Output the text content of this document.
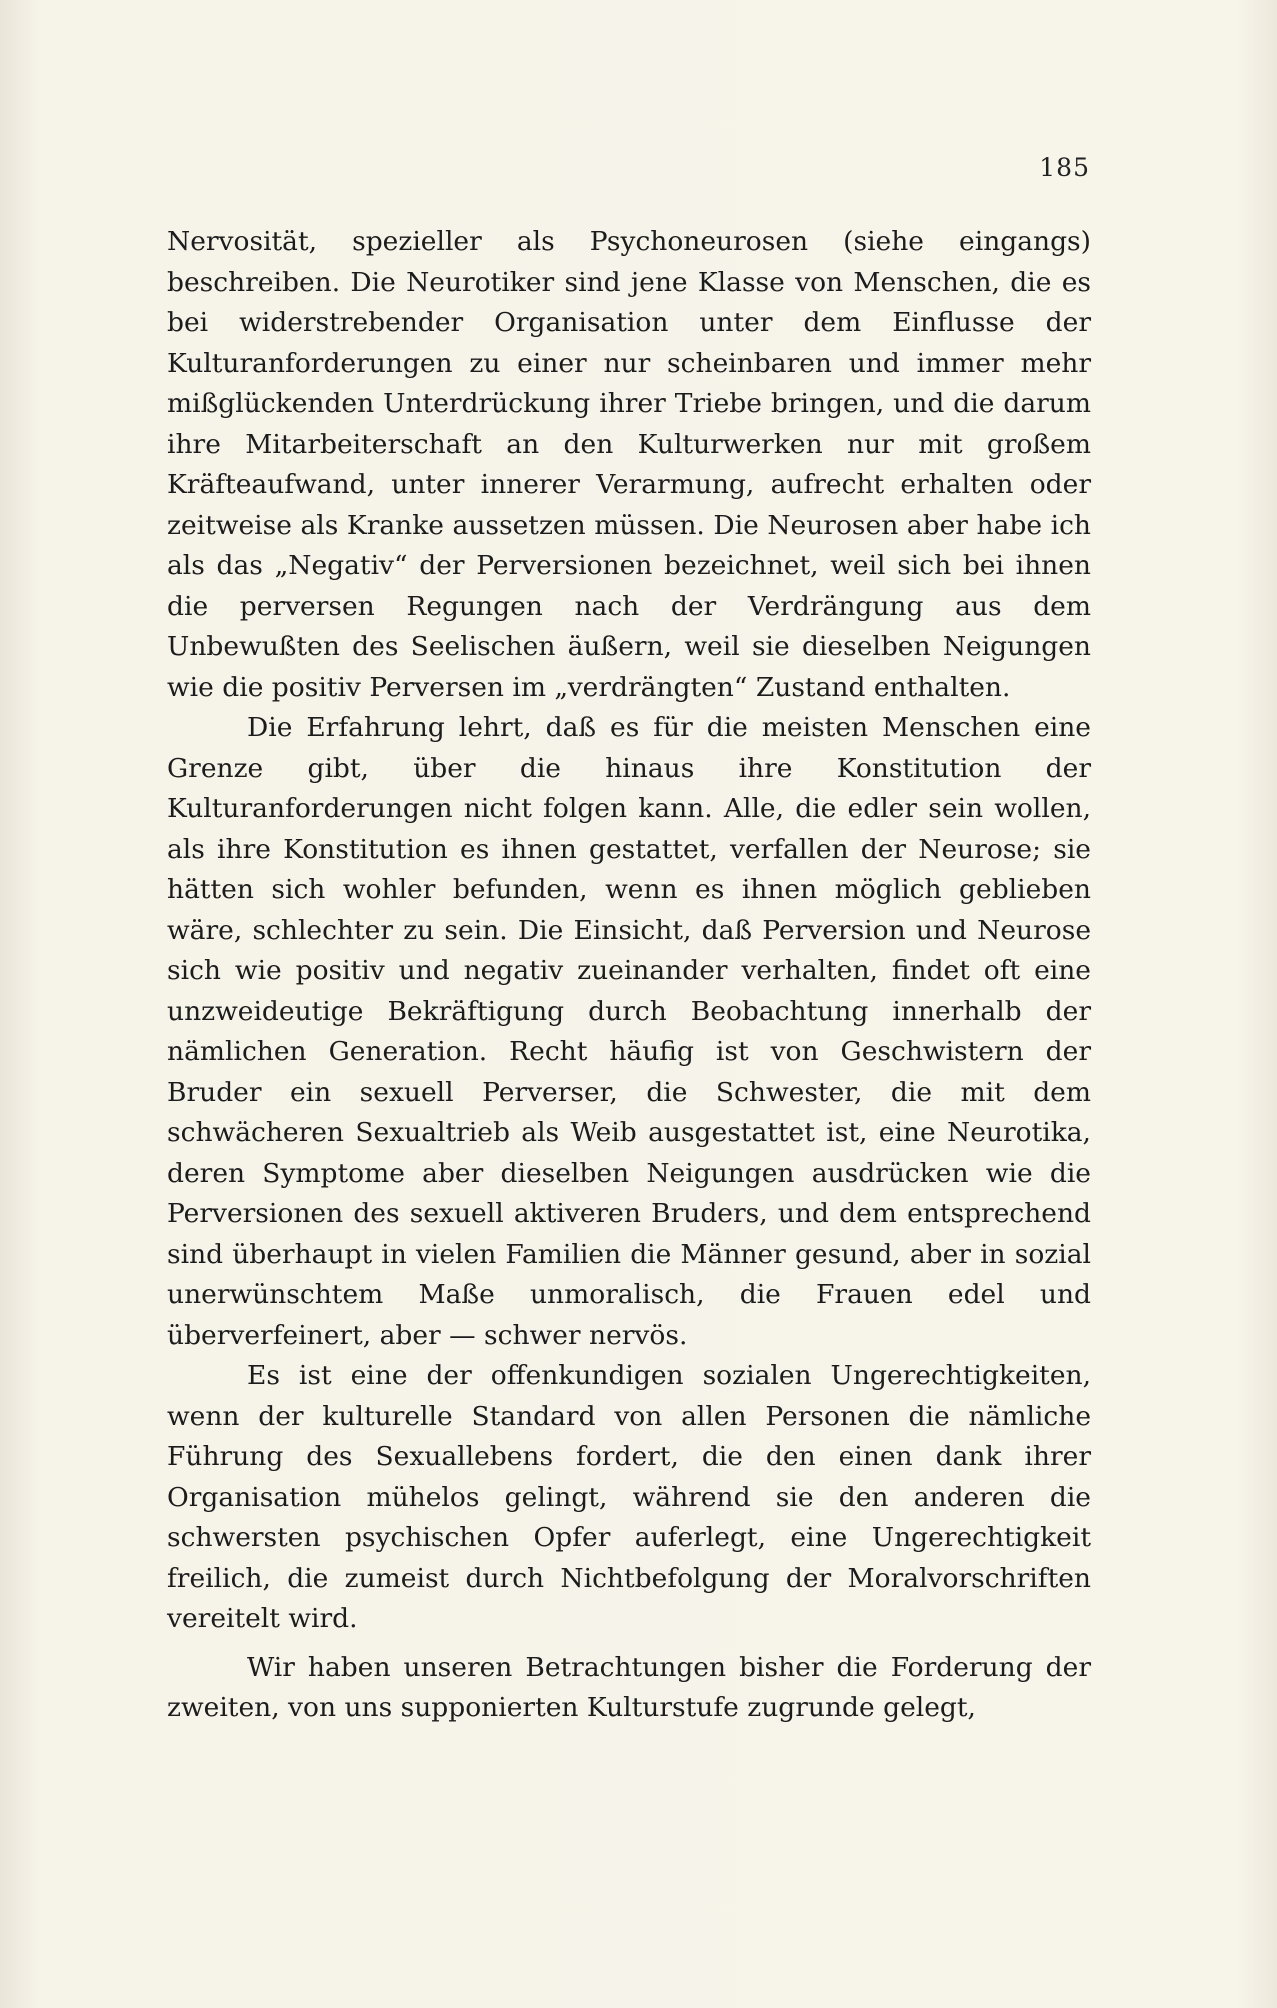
185

Nervosität, spezieller als Psychoneurosen (siehe eingangs) beschreiben. Die Neurotiker sind jene Klasse von Menschen, die es bei widerstrebender Organisation unter dem Einflusse der Kulturanforderungen zu einer nur scheinbaren und immer mehr mißglückenden Unterdrückung ihrer Triebe bringen, und die darum ihre Mitarbeiterschaft an den Kulturwerken nur mit großem Kräfteaufwand, unter innerer Verarmung, aufrecht erhalten oder zeitweise als Kranke aussetzen müssen. Die Neurosen aber habe ich als das „Negativ“ der Perversionen bezeichnet, weil sich bei ihnen die perversen Regungen nach der Verdrängung aus dem Unbewußten des Seelischen äußern, weil sie dieselben Neigungen wie die positiv Perversen im „verdrängten“ Zustand enthalten.

Die Erfahrung lehrt, daß es für die meisten Menschen eine Grenze gibt, über die hinaus ihre Konstitution der Kulturanforderungen nicht folgen kann. Alle, die edler sein wollen, als ihre Konstitution es ihnen gestattet, verfallen der Neurose; sie hätten sich wohler befunden, wenn es ihnen möglich geblieben wäre, schlechter zu sein. Die Einsicht, daß Perversion und Neurose sich wie positiv und negativ zueinander verhalten, findet oft eine unzweideutige Bekräftigung durch Beobachtung innerhalb der nämlichen Generation. Recht häufig ist von Geschwistern der Bruder ein sexuell Perverser, die Schwester, die mit dem schwächeren Sexualtrieb als Weib ausgestattet ist, eine Neurotika, deren Symptome aber dieselben Neigungen ausdrücken wie die Perversionen des sexuell aktiveren Bruders, und dem entsprechend sind überhaupt in vielen Familien die Männer gesund, aber in sozial unerwünschtem Maße unmoralisch, die Frauen edel und überverfeinert, aber — schwer nervös.

Es ist eine der offenkundigen sozialen Ungerechtigkeiten, wenn der kulturelle Standard von allen Personen die nämliche Führung des Sexuallebens fordert, die den einen dank ihrer Organisation mühelos gelingt, während sie den anderen die schwersten psychischen Opfer auferlegt, eine Ungerechtigkeit freilich, die zumeist durch Nichtbefolgung der Moralvorschriften vereitelt wird.

Wir haben unseren Betrachtungen bisher die Forderung der zweiten, von uns supponierten Kulturstufe zugrunde gelegt,
